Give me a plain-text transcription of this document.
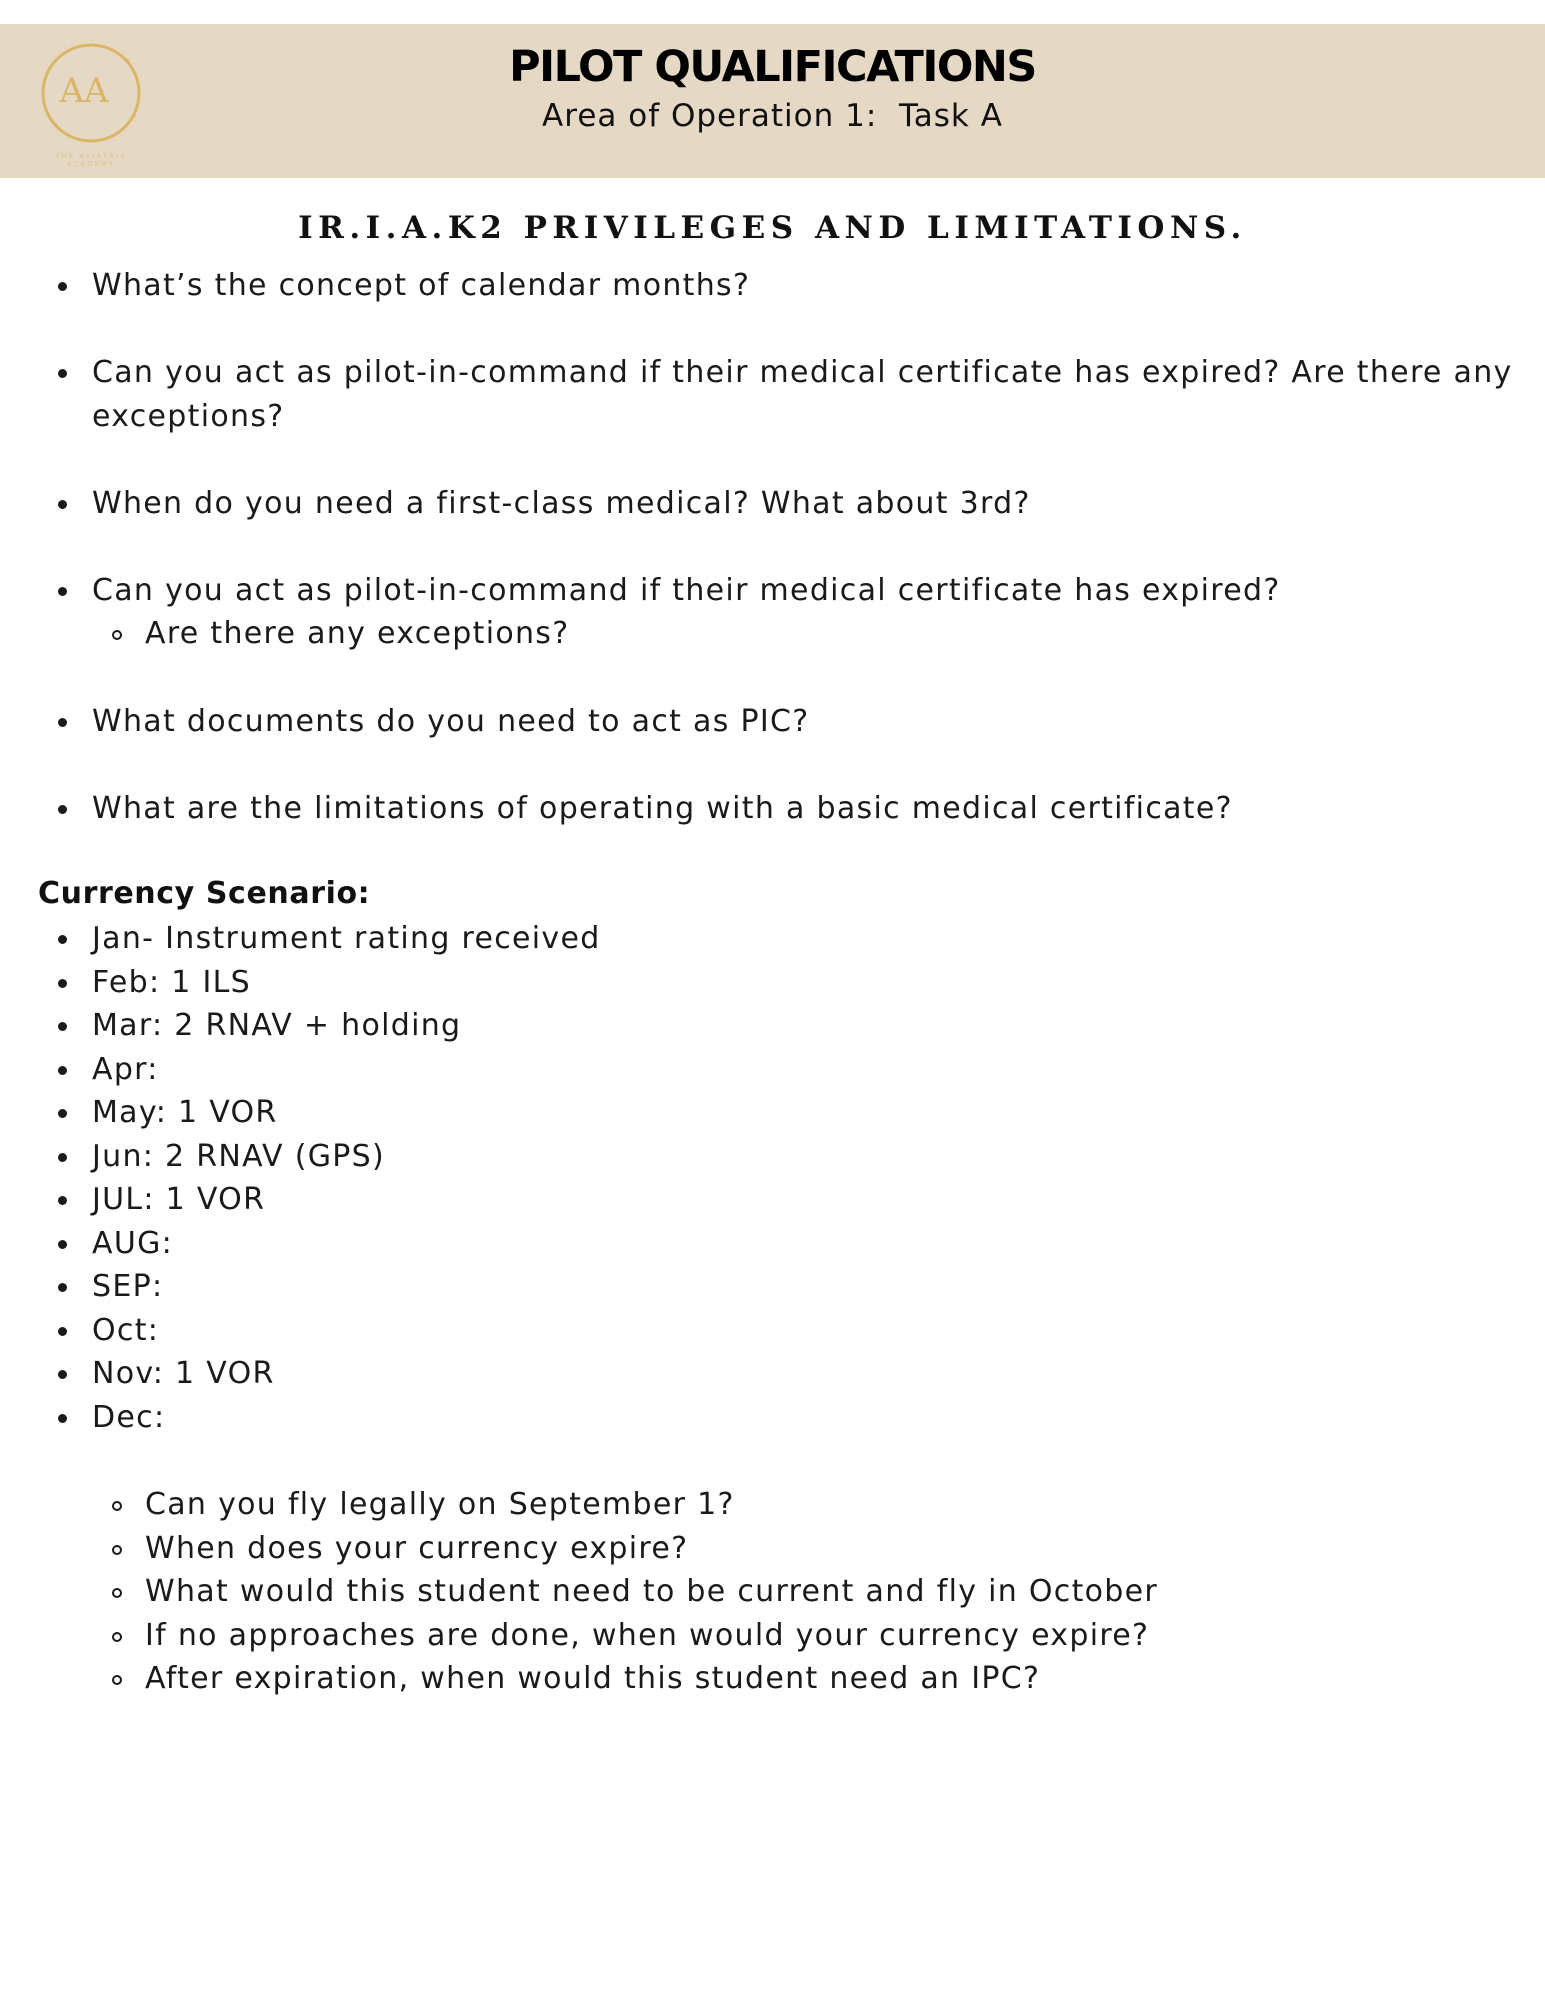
AA
THE AVIATRIX ACADEMY
PILOT QUALIFICATIONS
Area of Operation 1:  Task A
IR.I.A.K2 PRIVILEGES AND LIMITATIONS.
What’s the concept of calendar months?
Can you act as pilot-in-command if their medical certificate has expired? Are there any exceptions?
When do you need a first-class medical? What about 3rd?
Can you act as pilot-in-command if their medical certificate has expired?
Are there any exceptions?
What documents do you need to act as PIC?
What are the limitations of operating with a basic medical certificate?
Currency Scenario:
Jan- Instrument rating received
Feb: 1 ILS
Mar: 2 RNAV + holding
Apr:
May: 1 VOR
Jun: 2 RNAV (GPS)
JUL: 1 VOR
AUG:
SEP:
Oct:
Nov: 1 VOR
Dec:
Can you fly legally on September 1?
When does your currency expire?
What would this student need to be current and fly in October
If no approaches are done, when would your currency expire?
After expiration, when would this student need an IPC?
